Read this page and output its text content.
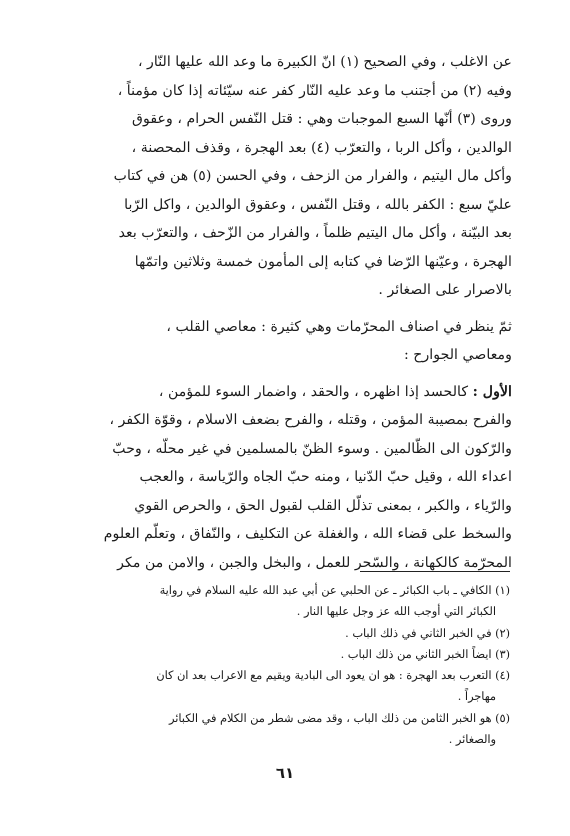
عن الاغلب ، وفي الصحيح (١) انّ الكبيرة ما وعد الله عليها النّار ،
وفيه (٢) من أجتنب ما وعد عليه النّار كفر عنه سيّئاته إذا كان مؤمناً ،
وروى (٣) أنّها السبع الموجبات وهي : قتل النّفس الحرام ، وعقوق
الوالدين ، وأكل الربا ، والتعرّب (٤) بعد الهجرة ، وقذف المحصنة ،
وأكل مال اليتيم ، والفرار من الزحف ، وفي الحسن (٥) هن في كتاب
عليّ سبع : الكفر بالله ، وقتل النّفس ، وعقوق الوالدين ، واكل الرّبا
بعد البيّنة ، وأكل مال اليتيم ظلماً ، والفرار من الزّحف ، والتعرّب بعد
الهجرة ، وعيّنها الرّضا في كتابه إلى المأمون خمسة وثلاثين واتمّها
بالاصرار على الصغائر .
ثمّ ينظر في اصناف المحرّمات وهي كثيرة : معاصي القلب ،
ومعاصي الجوارح :
الأول : كالحسد إذا اظهره ، والحقد ، واضمار السوء للمؤمن ،
والفرح بمصيبة المؤمن ، وقتله ، والفرح بضعف الاسلام ، وقوّة الكفر ،
والرّكون الى الظّالمين . وسوء الظنّ بالمسلمين في غير محلّه ، وحبّ
اعداء الله ، وقيل حبّ الدّنيا ، ومنه حبّ الجاه والرّياسة ، والعجب
والرّياء ، والكبر ، بمعنى تذلّل القلب لقبول الحق ، والحرص القوي
والسخط على قضاء الله ، والغفلة عن التكليف ، والنّفاق ، وتعلّم العلوم
المحرّمة كالكهانة ، والسّحر للعمل ، والبخل والجبن ، والامن من مكر
(١) الكافي ـ باب الكبائر ـ عن الحلبي عن أبي عبد الله عليه السلام في رواية
الكبائر التي أوجب الله عز وجل عليها النار .
(٢) في الخبر الثاني في ذلك الباب .
(٣) ايضاً الخبر الثاني من ذلك الباب .
(٤) التعرب بعد الهجرة : هو ان يعود الى البادية ويقيم مع الاعراب بعد ان كان
مهاجراً .
(٥) هو الخبر الثامن من ذلك الباب ، وقد مضى شطر من الكلام في الكبائر
والصغائر .
٦١
